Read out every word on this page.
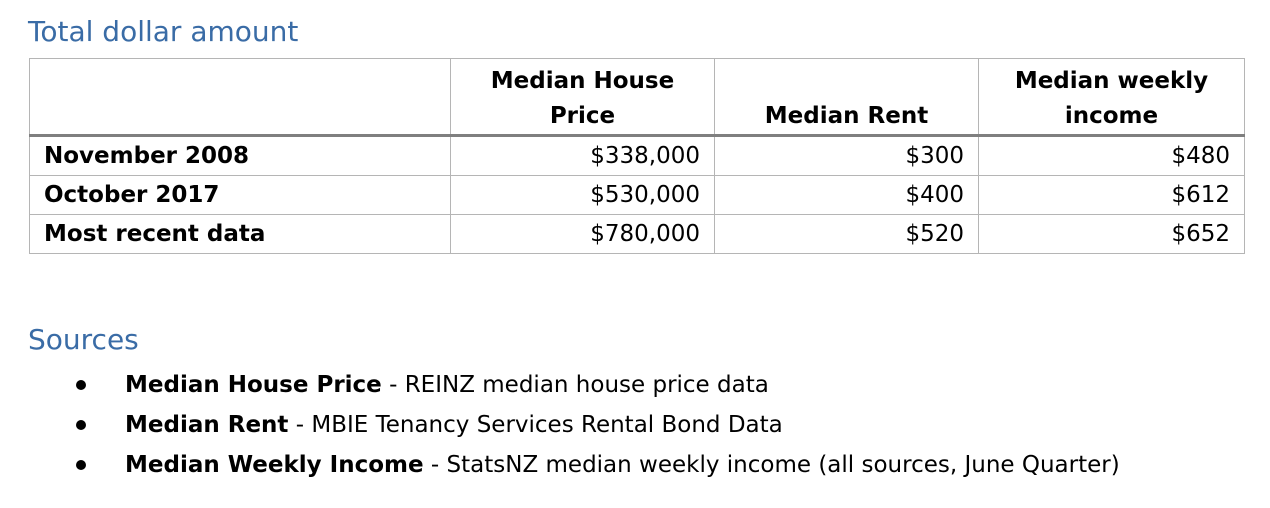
Total dollar amount
	Median House Price	Median Rent	Median weekly income
November 2008	$338,000	$300	$480
October 2017	$530,000	$400	$612
Most recent data	$780,000	$520	$652
Sources
Median House Price - REINZ median house price data
Median Rent - MBIE Tenancy Services Rental Bond Data
Median Weekly Income - StatsNZ median weekly income (all sources, June Quarter)
